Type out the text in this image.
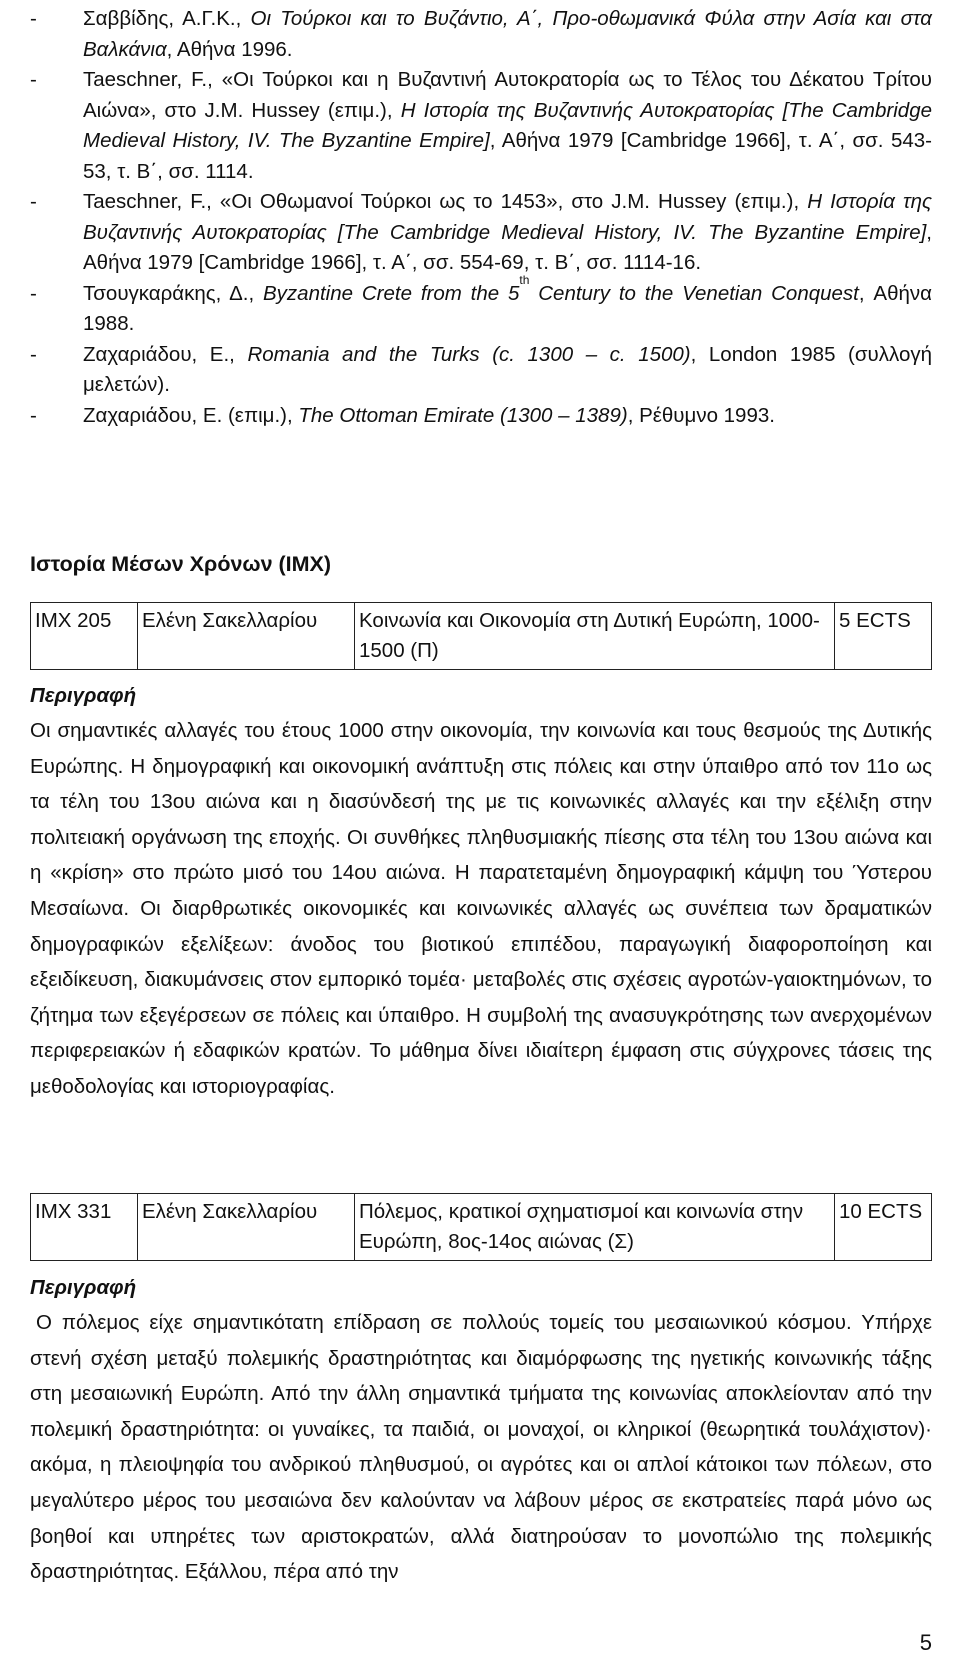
- Σαββίδης, Α.Γ.Κ., Οι Τούρκοι και το Βυζάντιο, Α΄, Προ-οθωμανικά Φύλα στην Ασία και στα Βαλκάνια, Αθήνα 1996.
- Taeschner, F., «Οι Τούρκοι και η Βυζαντινή Αυτοκρατορία ως το Τέλος του Δέκατου Τρίτου Αιώνα», στο J.M. Hussey (επιμ.), Η Ιστορία της Βυζαντινής Αυτοκρατορίας [The Cambridge Medieval History, IV. The Byzantine Empire], Αθήνα 1979 [Cambridge 1966], τ. Α΄, σσ. 543-53, τ. Β΄, σσ. 1114.
- Taeschner, F., «Οι Οθωμανοί Τούρκοι ως το 1453», στο J.M. Hussey (επιμ.), Η Ιστορία της Βυζαντινής Αυτοκρατορίας [The Cambridge Medieval History, IV. The Byzantine Empire], Αθήνα 1979 [Cambridge 1966], τ. Α΄, σσ. 554-69, τ. Β΄, σσ. 1114-16.
- Τσουγκαράκης, Δ., Byzantine Crete from the 5th Century to the Venetian Conquest, Αθήνα 1988.
- Ζαχαριάδου, Ε., Romania and the Turks (c. 1300 – c. 1500), London 1985 (συλλογή μελετών).
- Ζαχαριάδου, Ε. (επιμ.), The Ottoman Emirate (1300 – 1389), Ρέθυμνο 1993.
Ιστορία Μέσων Χρόνων (ΙΜΧ)
ΙΜΧ 205	Ελένη Σακελλαρίου	Κοινωνία και Οικονομία στη Δυτική Ευρώπη, 1000-1500 (Π)	5 ECTS
Περιγραφή

Οι σημαντικές αλλαγές του έτους 1000 στην οικονομία, την κοινωνία και τους θεσμούς της Δυτικής Ευρώπης. Η δημογραφική και οικονομική ανάπτυξη στις πόλεις και στην ύπαιθρο από τον 11ο ως τα τέλη του 13ου αιώνα και η διασύνδεσή της με τις κοινωνικές αλλαγές και την εξέλιξη στην πολιτειακή οργάνωση της εποχής. Οι συνθήκες πληθυσμιακής πίεσης στα τέλη του 13ου αιώνα και η «κρίση» στο πρώτο μισό του 14ου αιώνα. Η παρατεταμένη δημογραφική κάμψη του Ύστερου Μεσαίωνα. Οι διαρθρωτικές οικονομικές και κοινωνικές αλλαγές ως συνέπεια των δραματικών δημογραφικών εξελίξεων: άνοδος του βιοτικού επιπέδου, παραγωγική διαφοροποίηση και εξειδίκευση, διακυμάνσεις στον εμπορικό τομέα· μεταβολές στις σχέσεις αγροτών-γαιοκτημόνων, το ζήτημα των εξεγέρσεων σε πόλεις και ύπαιθρο. Η συμβολή της ανασυγκρότησης των ανερχομένων περιφερειακών ή εδαφικών κρατών. Το μάθημα δίνει ιδιαίτερη έμφαση στις σύγχρονες τάσεις της μεθοδολογίας και ιστοριογραφίας.

ΙΜΧ 331	Ελένη Σακελλαρίου	Πόλεμος, κρατικοί σχηματισμοί και κοινωνία στην Ευρώπη, 8ος-14ος αιώνας (Σ)	10 ECTS
Περιγραφή

Ο πόλεμος είχε σημαντικότατη επίδραση σε πολλούς τομείς του μεσαιωνικού κόσμου. Υπήρχε στενή σχέση μεταξύ πολεμικής δραστηριότητας και διαμόρφωσης της ηγετικής κοινωνικής τάξης στη μεσαιωνική Ευρώπη. Από την άλλη σημαντικά τμήματα της κοινωνίας αποκλείονταν από την πολεμική δραστηριότητα: οι γυναίκες, τα παιδιά, οι μοναχοί, οι κληρικοί (θεωρητικά τουλάχιστον)· ακόμα, η πλειοψηφία του ανδρικού πληθυσμού, οι αγρότες και οι απλοί κάτοικοι των πόλεων, στο μεγαλύτερο μέρος του μεσαιώνα δεν καλούνταν να λάβουν μέρος σε εκστρατείες παρά μόνο ως βοηθοί και υπηρέτες των αριστοκρατών, αλλά διατηρούσαν το μονοπώλιο της πολεμικής δραστηριότητας. Εξάλλου, πέρα από την

5
